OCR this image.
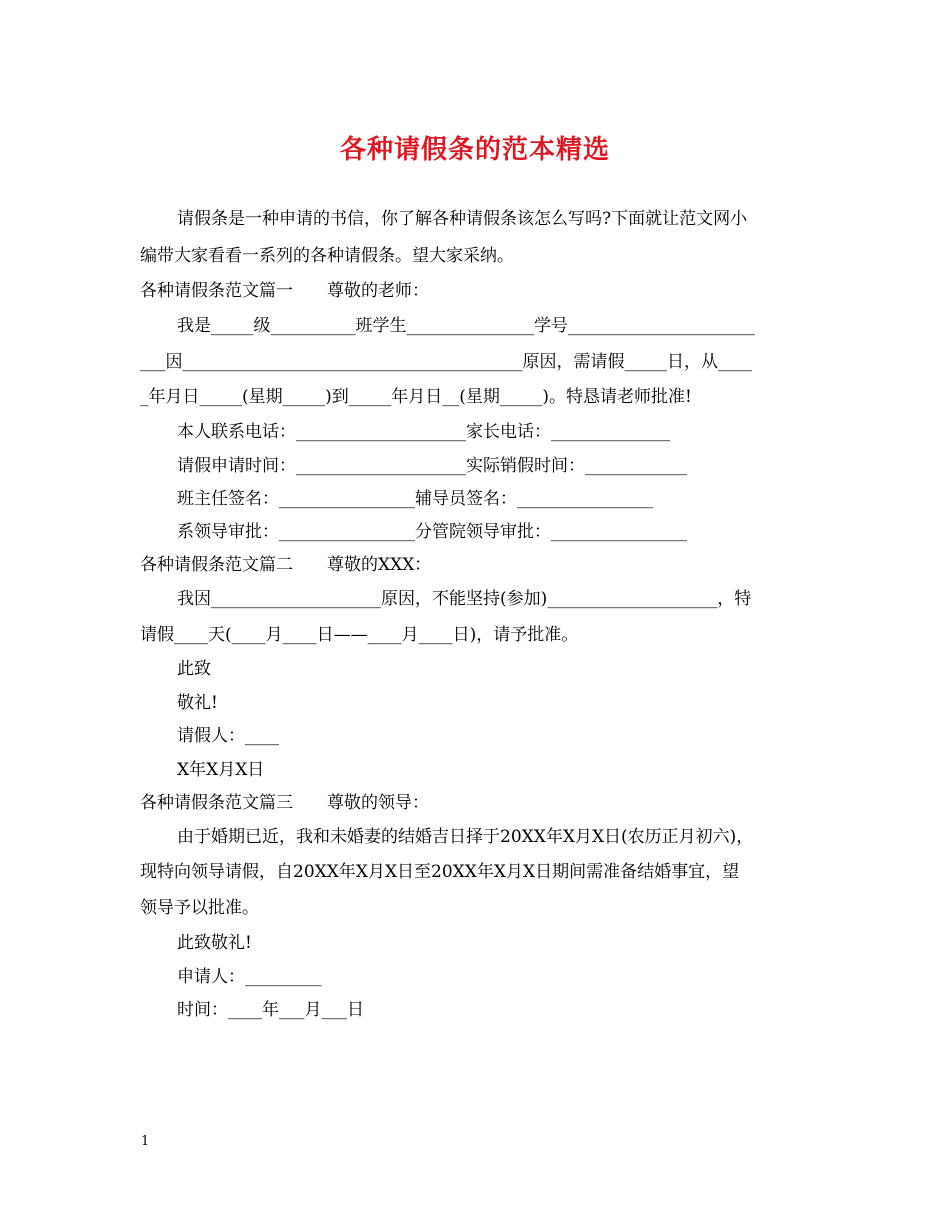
各种请假条的范本精选
请假条是一种申请的书信，你了解各种请假条该怎么写吗?下面就让范文网小
编带大家看看一系列的各种请假条。望大家采纳。
各种请假条范文篇一　　尊敬的老师：
我是_____级__________班学生_______________学号______________________
___因________________________________________原因，需请假_____日，从____
_年月日_____(星期_____)到_____年月日__(星期_____)。特恳请老师批准!
本人联系电话：____________________家长电话：______________
请假申请时间：____________________实际销假时间：____________
班主任签名：________________辅导员签名：________________
系领导审批：________________分管院领导审批：________________
各种请假条范文篇二　　尊敬的XXX：
我因____________________原因，不能坚持(参加)____________________，特
请假____天(____月____日——____月____日)，请予批准。
此致
敬礼!
请假人：____
X年X月X日
各种请假条范文篇三　　尊敬的领导：
由于婚期已近，我和未婚妻的结婚吉日择于20XX年X月X日(农历正月初六)，
现特向领导请假，自20XX年X月X日至20XX年X月X日期间需准备结婚事宜，望
领导予以批准。
此致敬礼!
申请人：_________
时间：____年___月___日
1
